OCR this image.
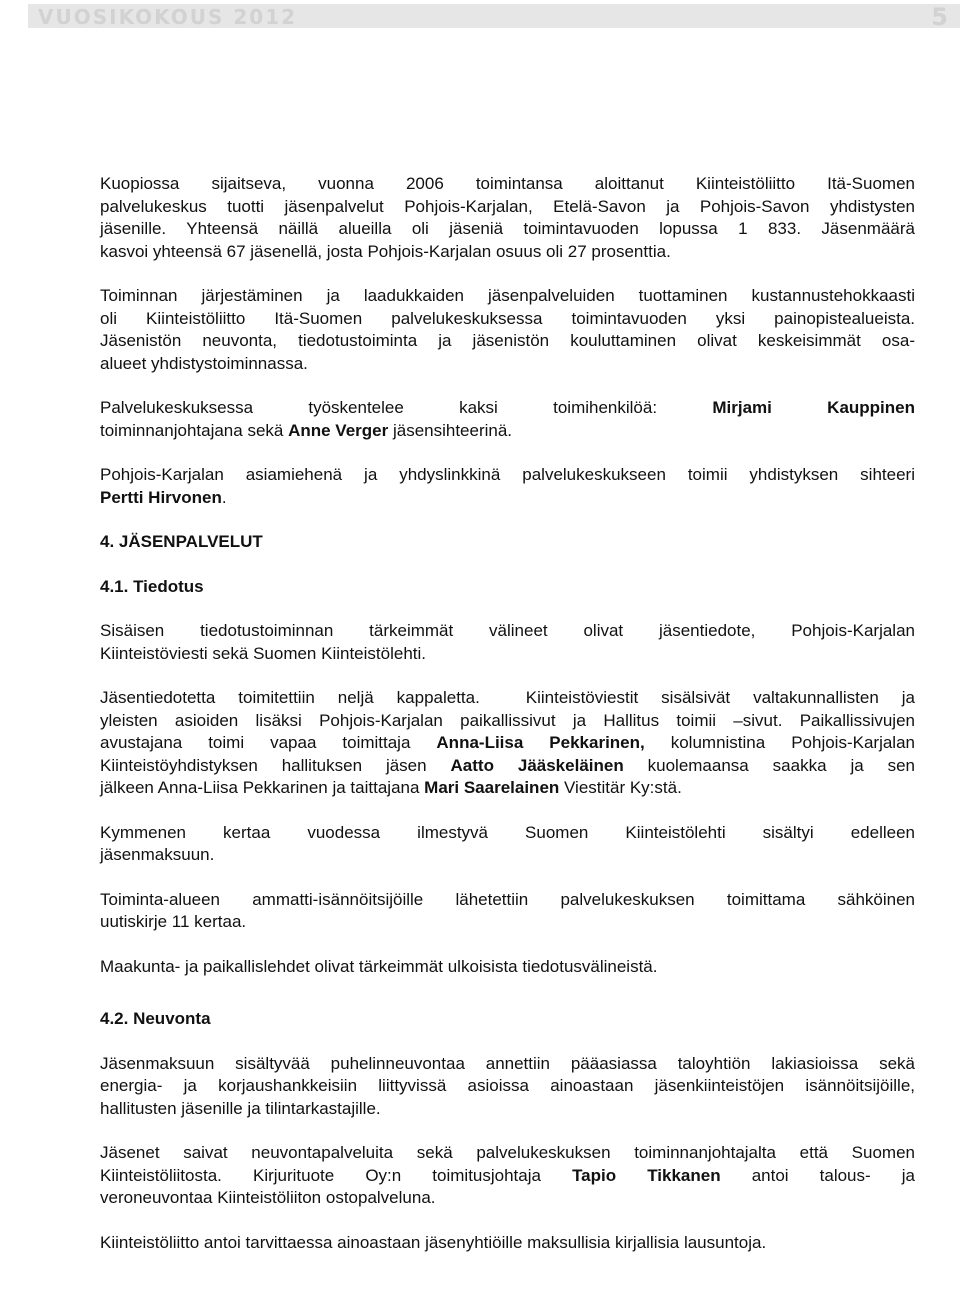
VUOSIKOKOUS 2012	5

Kuopiossa sijaitseva, vuonna 2006 toimintansa aloittanut Kiinteistöliitto Itä-Suomen
palvelukeskus tuotti jäsenpalvelut Pohjois-Karjalan, Etelä-Savon ja Pohjois-Savon yhdistysten
jäsenille. Yhteensä näillä alueilla oli jäseniä toimintavuoden lopussa 1 833. Jäsenmäärä
kasvoi yhteensä 67 jäsenellä, josta Pohjois-Karjalan osuus oli 27 prosenttia.

Toiminnan järjestäminen ja laadukkaiden jäsenpalveluiden tuottaminen kustannustehokkaasti
oli Kiinteistöliitto Itä-Suomen palvelukeskuksessa toimintavuoden yksi painopistealueista.
Jäsenistön neuvonta, tiedotustoiminta ja jäsenistön kouluttaminen olivat keskeisimmät osa-
alueet yhdistystoiminnassa.

Palvelukeskuksessa työskentelee kaksi toimihenkilöä: Mirjami Kauppinen
toiminnanjohtajana sekä Anne Verger jäsensihteerinä.

Pohjois-Karjalan asiamiehenä ja yhdyslinkkinä palvelukeskukseen toimii yhdistyksen sihteeri
Pertti Hirvonen.

4. JÄSENPALVELUT
4.1. Tiedotus

Sisäisen tiedotustoiminnan tärkeimmät välineet olivat jäsentiedote, Pohjois-Karjalan
Kiinteistöviesti sekä Suomen Kiinteistölehti.

Jäsentiedotetta toimitettiin neljä kappaletta.  Kiinteistöviestit sisälsivät valtakunnallisten ja
yleisten asioiden lisäksi Pohjois-Karjalan paikallissivut ja Hallitus toimii –sivut. Paikallissivujen
avustajana toimi vapaa toimittaja Anna-Liisa Pekkarinen, kolumnistina Pohjois-Karjalan
Kiinteistöyhdistyksen hallituksen jäsen Aatto Jääskeläinen kuolemaansa saakka ja sen
jälkeen Anna-Liisa Pekkarinen ja taittajana Mari Saarelainen Viestitär Ky:stä.

Kymmenen kertaa vuodessa ilmestyvä Suomen Kiinteistölehti sisältyi edelleen
jäsenmaksuun.

Toiminta-alueen ammatti-isännöitsijöille lähetettiin palvelukeskuksen toimittama sähköinen
uutiskirje 11 kertaa.

Maakunta- ja paikallislehdet olivat tärkeimmät ulkoisista tiedotusvälineistä.

4.2. Neuvonta

Jäsenmaksuun sisältyvää puhelinneuvontaa annettiin pääasiassa taloyhtiön lakiasioissa sekä
energia- ja korjaushankkeisiin liittyvissä asioissa ainoastaan jäsenkiinteistöjen isännöitsijöille,
hallitusten jäsenille ja tilintarkastajille.

Jäsenet saivat neuvontapalveluita sekä palvelukeskuksen toiminnanjohtajalta että Suomen
Kiinteistöliitosta. Kirjurituote Oy:n toimitusjohtaja Tapio Tikkanen antoi talous- ja
veroneuvontaa Kiinteistöliiton ostopalveluna.

Kiinteistöliitto antoi tarvittaessa ainoastaan jäsenyhtiöille maksullisia kirjallisia lausuntoja.
